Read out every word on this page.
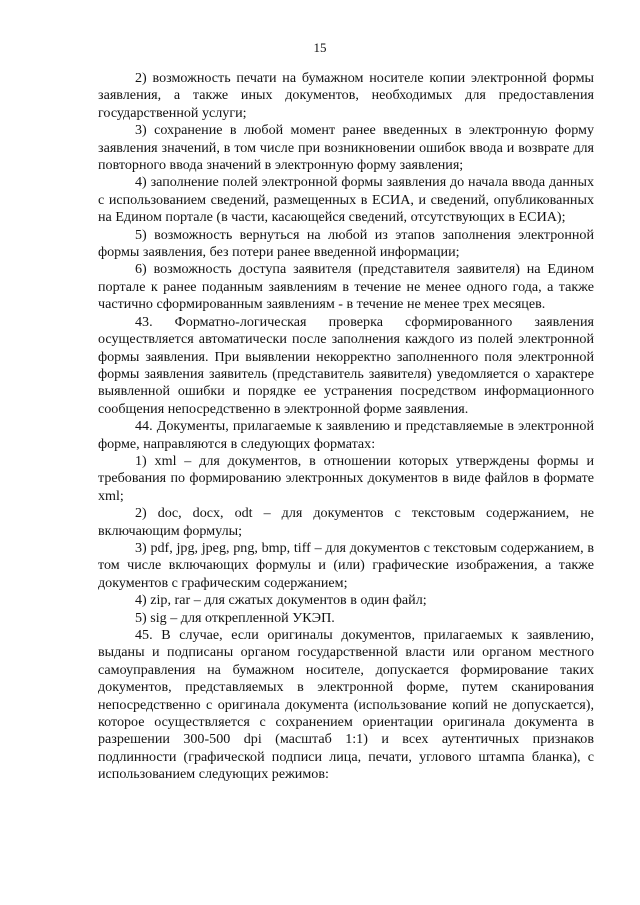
15

2) возможность печати на бумажном носителе копии электронной формы заявления, а также иных документов, необходимых для предоставления государственной услуги;

3) сохранение в любой момент ранее введенных в электронную форму заявления значений, в том числе при возникновении ошибок ввода и возврате для повторного ввода значений в электронную форму заявления;

4) заполнение полей электронной формы заявления до начала ввода данных с использованием сведений, размещенных в ЕСИА, и сведений, опубликованных на Едином портале (в части, касающейся сведений, отсутствующих в ЕСИА);

5) возможность вернуться на любой из этапов заполнения электронной формы заявления, без потери ранее введенной информации;

6) возможность доступа заявителя (представителя заявителя) на Едином портале к ранее поданным заявлениям в течение не менее одного года, а также частично сформированным заявлениям - в течение не менее трех месяцев.

43. Форматно-логическая проверка сформированного заявления осуществляется автоматически после заполнения каждого из полей электронной формы заявления. При выявлении некорректно заполненного поля электронной формы заявления заявитель (представитель заявителя) уведомляется о характере выявленной ошибки и порядке ее устранения посредством информационного сообщения непосредственно в электронной форме заявления.

44. Документы, прилагаемые к заявлению и представляемые в электронной форме, направляются в следующих форматах:

1) xml – для документов, в отношении которых утверждены формы и требования по формированию электронных документов в виде файлов в формате xml;

2) doc, docx, odt – для документов с текстовым содержанием, не включающим формулы;

3) pdf, jpg, jpeg, png, bmp, tiff – для документов с текстовым содержанием, в том числе включающих формулы и (или) графические изображения, а также документов с графическим содержанием;

4) zip, rar – для сжатых документов в один файл;

5) sig – для открепленной УКЭП.

45. В случае, если оригиналы документов, прилагаемых к заявлению, выданы и подписаны органом государственной власти или органом местного самоуправления на бумажном носителе, допускается формирование таких документов, представляемых в электронной форме, путем сканирования непосредственно с оригинала документа (использование копий не допускается), которое осуществляется с сохранением ориентации оригинала документа в разрешении 300-500 dpi (масштаб 1:1) и всех аутентичных признаков подлинности (графической подписи лица, печати, углового штампа бланка), с использованием следующих режимов:
